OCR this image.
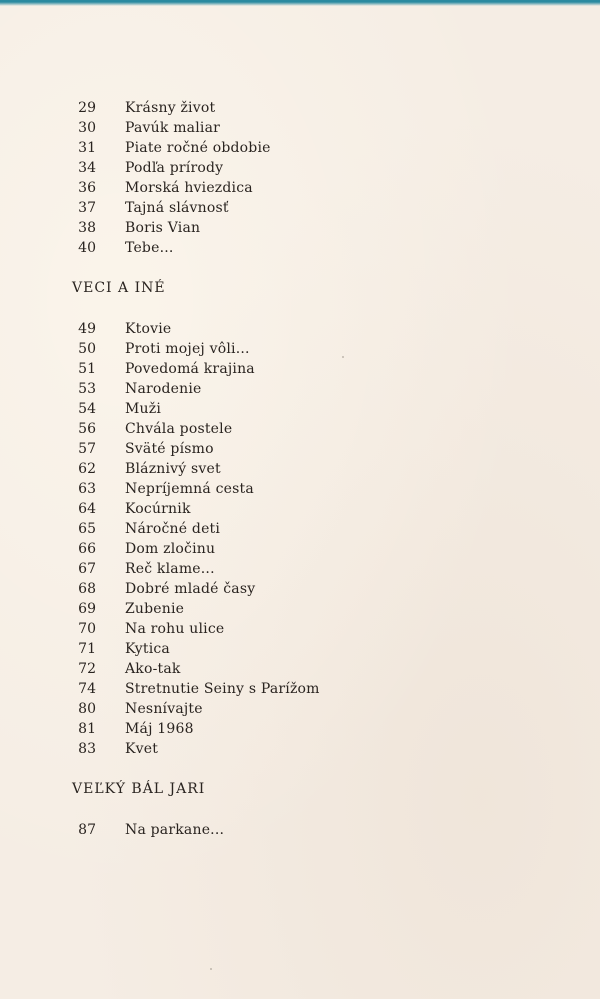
29 Krásny život
30 Pavúk maliar
31 Piate ročné obdobie
34 Podľa prírody
36 Morská hviezdica
37 Tajná slávnosť
38 Boris Vian
40 Tebe...
VECI A INÉ
49 Ktovie
50 Proti mojej vôli...
51 Povedomá krajina
53 Narodenie
54 Muži
56 Chvála postele
57 Sväté písmo
62 Bláznivý svet
63 Nepríjemná cesta
64 Kocúrnik
65 Náročné deti
66 Dom zločinu
67 Reč klame...
68 Dobré mladé časy
69 Zubenie
70 Na rohu ulice
71 Kytica
72 Ako-tak
74 Stretnutie Seiny s Parížom
80 Nesnívajte
81 Máj 1968
83 Kvet
VEĽKÝ BÁL JARI
87 Na parkane...
